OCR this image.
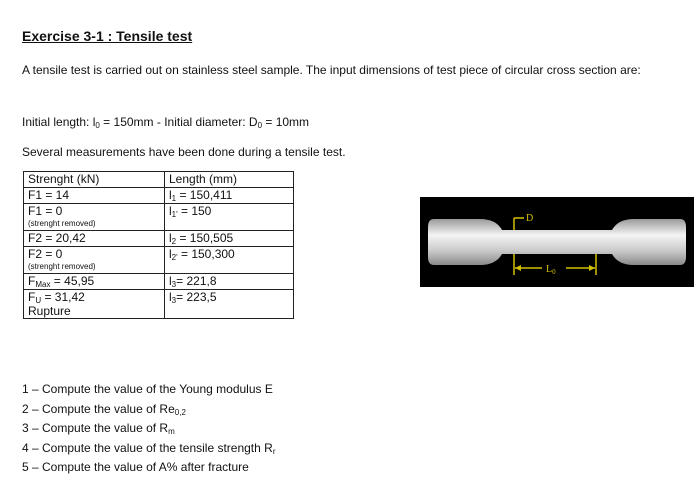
Exercise 3-1 : Tensile test
A tensile test is carried out on stainless steel sample. The input dimensions of test piece of circular cross section are:
Initial length: $l_0 = 150mm$ - Initial diameter: $D_0 = 10mm$
Several measurements have been done during a tensile test.
Strenght (kN)	Length (mm)
F1 = 14	$l_1 = 150,411$
F1 = 0
(strenght removed)	$l_{1'} = 150$
F2 = 20,42	$l_2 = 150,505$
F2 = 0
(strenght removed)	$l_{2'} = 150,300$
$F_{Max} = 45,95$	$l_3= 221,8$
$F_U = 31,42$
Rupture	$l_3= 223,5$
D
$L_0$
1 – Compute the value of the Young modulus E
2 – Compute the value of $Re_{0,2}$
3 – Compute the value of $R_m$
4 – Compute the value of the tensile strength $R_r$
5 – Compute the value of A% after fracture
